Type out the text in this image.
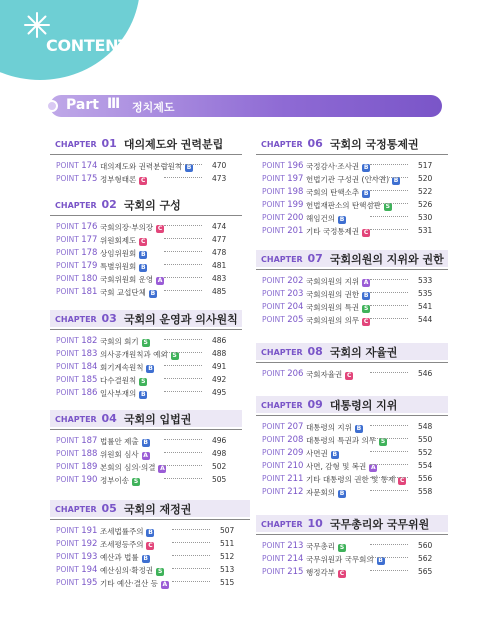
CONTENTS
Part Ⅲ 정치제도
CHAPTER 01 대의제도와 권력분립
POINT 174 대의제도와 권력분립원칙 B	470
POINT 175 정부형태론 C	473
CHAPTER 02 국회의 구성
POINT 176 국회의장·부의장 C	474
POINT 177 위원회제도 C	477
POINT 178 상임위원회 B	478
POINT 179 특별위원회 B	481
POINT 180 국회위원회 운영 A	483
POINT 181 국회 교섭단체 B	485
CHAPTER 03 국회의 운영과 의사원칙
POINT 182 국회의 회기 S	486
POINT 183 의사공개원칙과 예외 S	488
POINT 184 회기계속원칙 B	491
POINT 185 다수결원칙 S	492
POINT 186 일사부재의 B	495
CHAPTER 04 국회의 입법권
POINT 187 법률안 제출 B	496
POINT 188 위원회 심사 A	498
POINT 189 본회의 심의·의결 A	502
POINT 190 정부이송 S	505
CHAPTER 05 국회의 재정권
POINT 191 조세법률주의 B	507
POINT 192 조세평등주의 C	511
POINT 193 예산과 법률 B	512
POINT 194 예산심의·확정권 S	513
POINT 195 기타 예산·결산 등 A	515
CHAPTER 06 국회의 국정통제권
POINT 196 국정감사·조사권 B	517
POINT 197 헌법기관 구성권 (인사권) B	520
POINT 198 국회의 탄핵소추 B	522
POINT 199 헌법재판소의 탄핵심판 S	526
POINT 200 해임건의 B	530
POINT 201 기타 국정통제권 C	531
CHAPTER 07 국회의원의 지위와 권한
POINT 202 국회의원의 지위 A	533
POINT 203 국회의원의 권한 B	535
POINT 204 국회의원의 특권 S	541
POINT 205 국회의원의 의무 C	544
CHAPTER 08 국회의 자율권
POINT 206 국회자율권 C	546
CHAPTER 09 대통령의 지위
POINT 207 대통령의 지위 B	548
POINT 208 대통령의 특권과 의무 S	550
POINT 209 사면권 B	552
POINT 210 사면, 감형 및 복권 A	554
POINT 211 기타 대통령의 권한 및 통제 C 556
POINT 212 자문회의 B	558
CHAPTER 10 국무총리와 국무위원
POINT 213 국무총리 S	560
POINT 214 국무위원과 국무회의 B	562
POINT 215 행정각부 C	565
